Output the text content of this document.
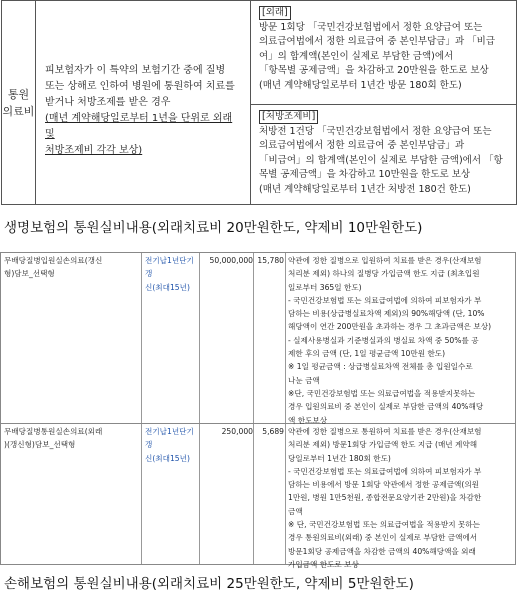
통원
의료비
피보험자가 이 특약의 보험기간 중에 질병
또는 상해로 인하여 병원에 통원하여 치료를
받거나 처방조제를 받은 경우
(매년 계약해당일로부터 1년을 단위로 외래 및
처방조제비 각각 보상)
[외래]
방문 1회당 「국민건강보험법에서 정한 요양급여 또는
의료급여법에서 정한 의료급여 중 본인부담금」과 「비급
여」의 합계액(본인이 실제로 부담한 금액)에서
「항목별 공제금액」을 차감하고 20만원을 한도로 보상
(매년 계약해당일로부터 1년간 방문 180회 한도)
[처방조제비]
처방전 1건당 「국민건강보험법에서 정한 요양급여 또는
의료급여법에서 정한 의료급여 중 본인부담금」과
「비급여」의 합계액(본인이 실제로 부담한 금액)에서 「항
목별 공제금액」을 차감하고 10만원을 한도로 보상
(매년 계약해당일로부터 1년간 처방전 180건 한도)
생명보험의 통원실비내용(외래치료비 20만원한도, 약제비 10만원한도)
무배당질병입원실손의료(갱신
형)담보_선택형
전기납1년단기갱
신(최대15년)
50,000,000 15,780 약관에 정한 질병으로 입원하여 치료를 받은 경우(산재보험
처리분 제외) 하나의 질병당 가입금액 한도 지급 (최초입원
일로부터 365일 한도)
- 국민건강보험법 또는 의료급여법에 의하여 피보험자가 부
담하는 비용(상급병실료차액 제외)의 90%해당액 (단, 10%
해당액이 연간 200만원을 초과하는 경우 그 초과금액은 보상)
- 실제사용병실과 기준병실과의 병실료 차액 중 50%를 공
제한 후의 금액 (단, 1일 평균금액 10만원 한도)
※ 1일 평균금액 : 상급병실료차액 전체를 총 입원일수로
나눈 금액
※단, 국민건강보험법 또는 의료급여법을 적용받지못하는
경우 입원의료비 중 본인이 실제로 부담한 금액의 40%해당
액 한도보상
무배당질병통원실손의료(외래
)(갱신형)담보_선택형
전기납1년단기갱
신(최대15년)
250,000	5,689 약관에 정한 질병으로 통원하여 치료를 받은 경우(산재보험
처리분 제외) 방문1회당 가입금액 한도 지급 (매년 계약해
당일로부터 1년간 180회 한도)
- 국민건강보험법 또는 의료급여법에 의하여 피보험자가 부
담하는 비용에서 방문 1회당 약관에서 정한 공제금액(의원
1만원, 병원 1만5천원, 종합전문요양기관 2만원)을 차감한
금액
※ 단, 국민건강보험법 또는 의료급여법을 적용받지 못하는
경우 통원의료비(외래) 중 본인이 실제로 부담한 금액에서
방문1회당 공제금액을 차감한 금액의 40%해당액을 외래
가입금액 한도로 보상
손해보험의 통원실비내용(외래치료비 25만원한도, 약제비 5만원한도)
